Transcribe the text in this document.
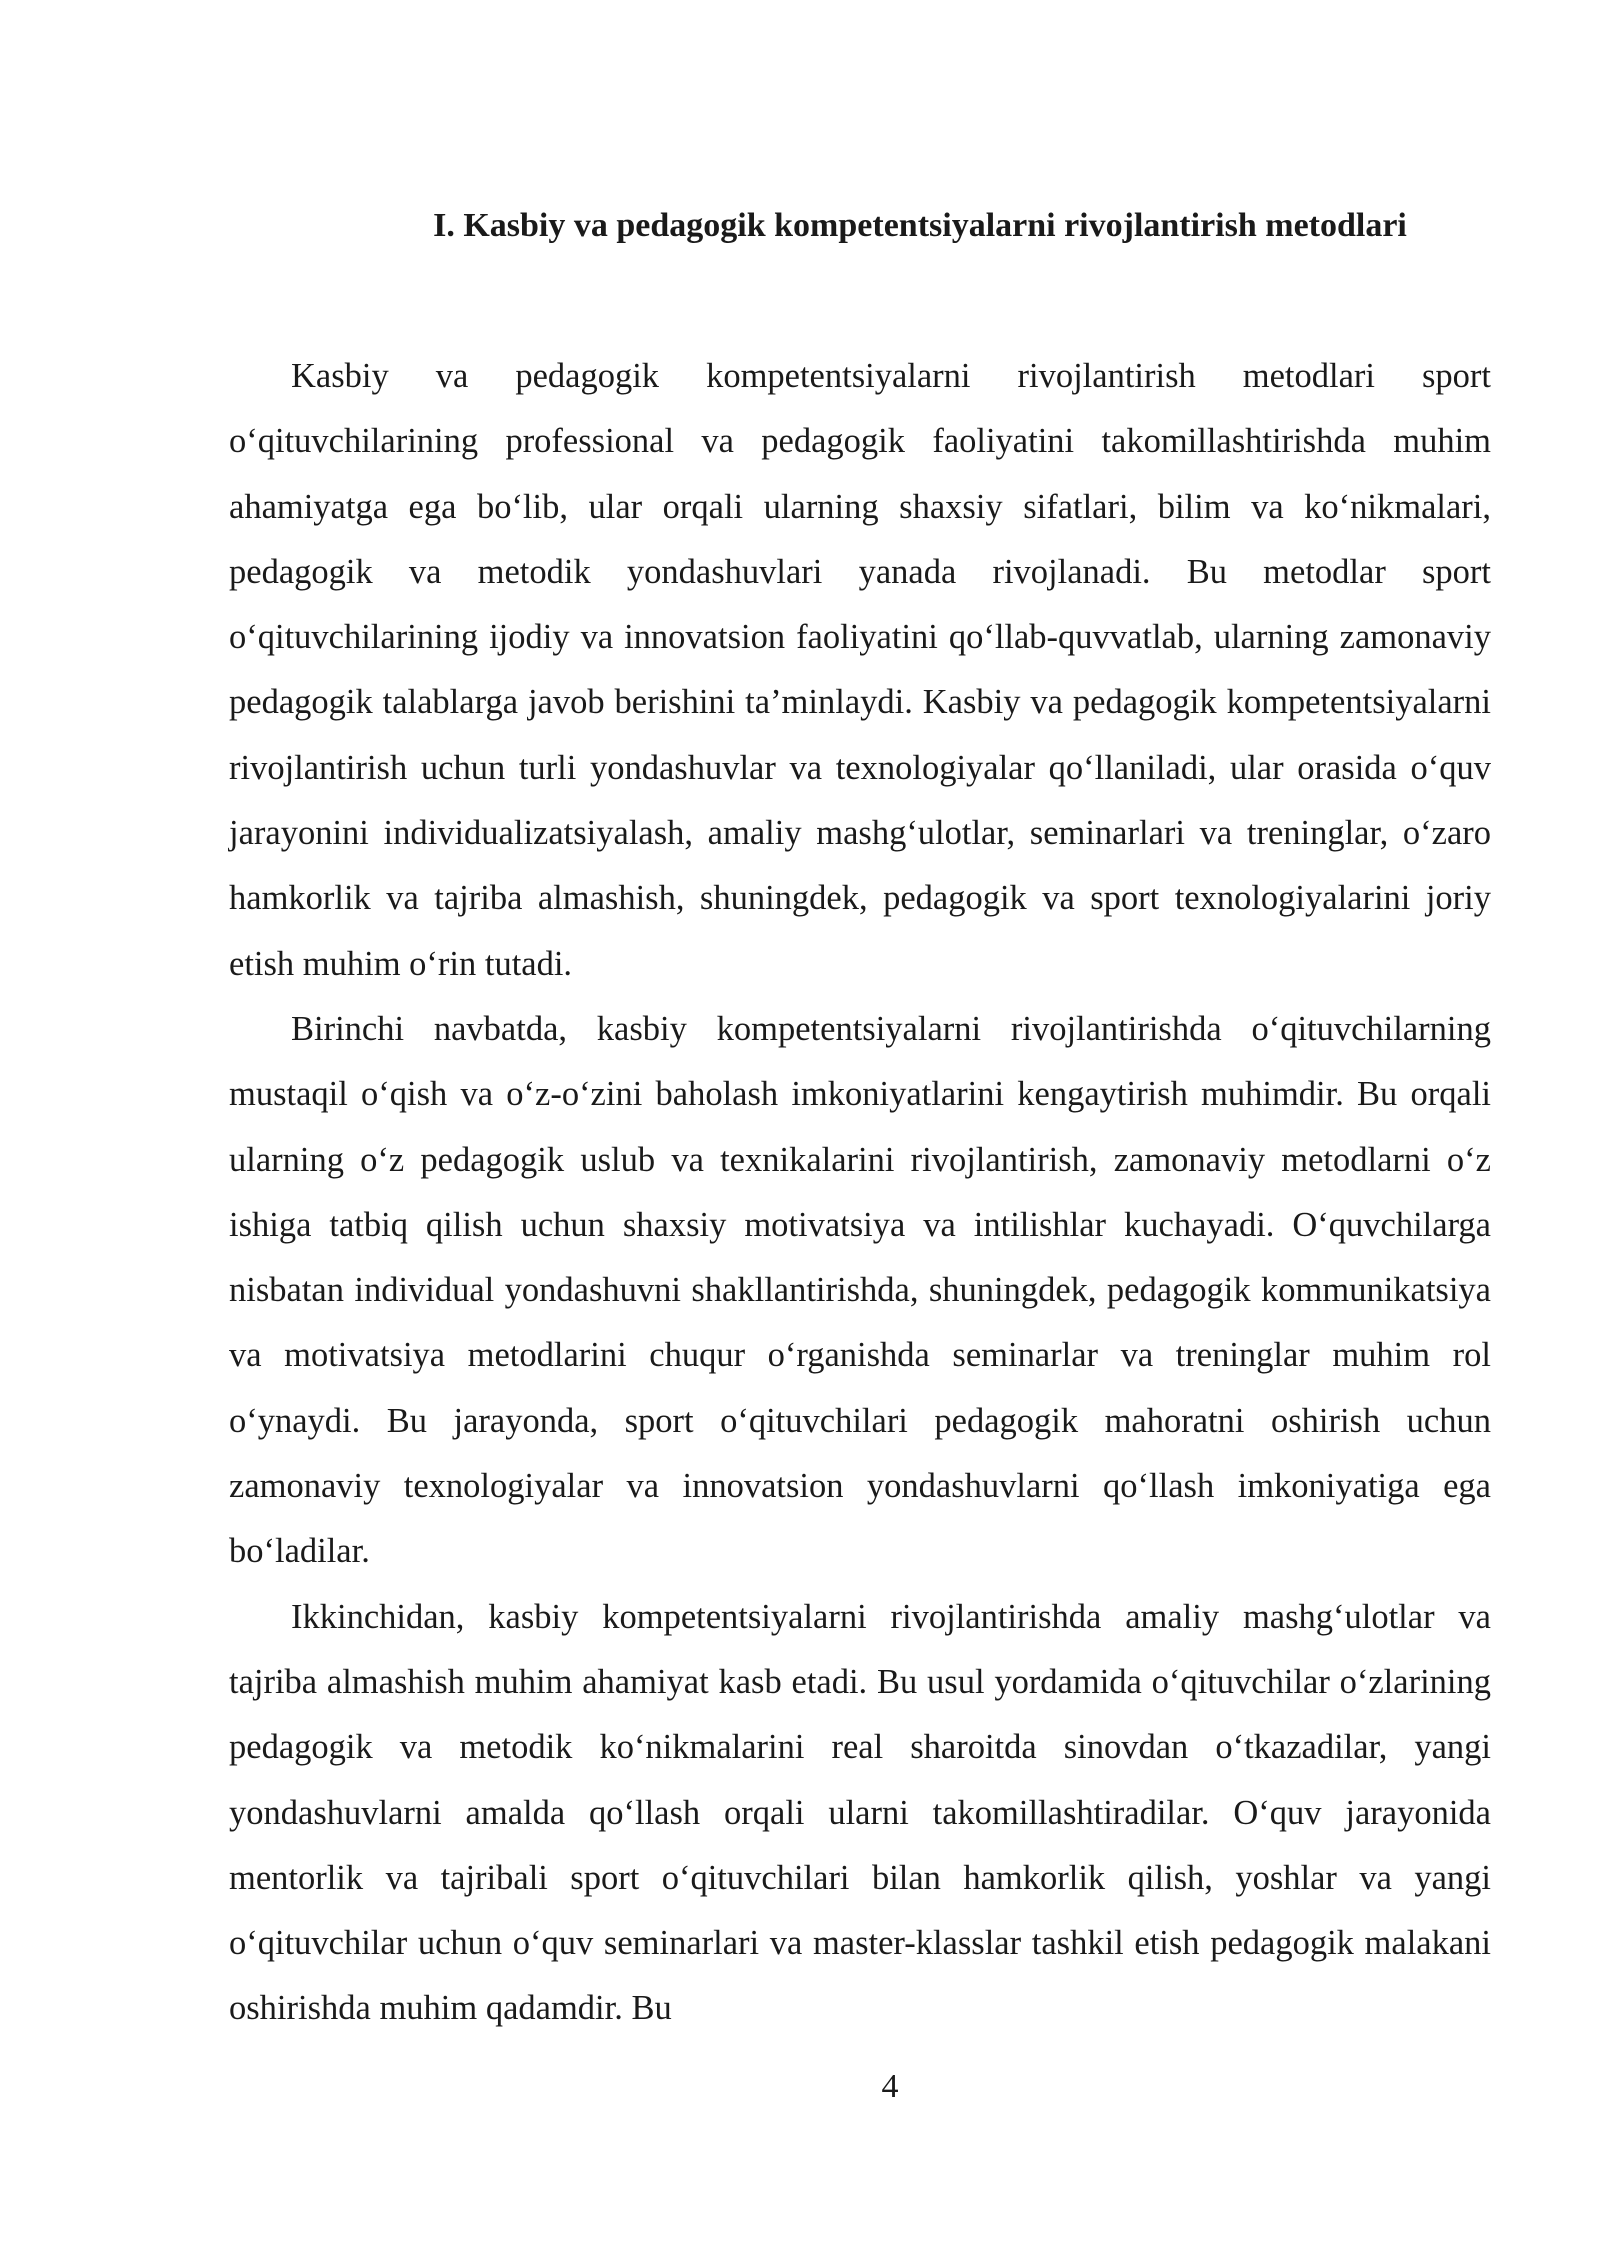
I. Kasbiy va pedagogik kompetentsiyalarni rivojlantirish metodlari

Kasbiy va pedagogik kompetentsiyalarni rivojlantirish metodlari sport o‘qituvchilarining professional va pedagogik faoliyatini takomillashtirishda muhim ahamiyatga ega bo‘lib, ular orqali ularning shaxsiy sifatlari, bilim va ko‘nikmalari, pedagogik va metodik yondashuvlari yanada rivojlanadi. Bu metodlar sport o‘qituvchilarining ijodiy va innovatsion faoliyatini qo‘llab-quvvatlab, ularning zamonaviy pedagogik talablarga javob berishini ta’minlaydi. Kasbiy va pedagogik kompetentsiyalarni rivojlantirish uchun turli yondashuvlar va texnologiyalar qo‘llaniladi, ular orasida o‘quv jarayonini individualizatsiyalash, amaliy mashg‘ulotlar, seminarlari va treninglar, o‘zaro hamkorlik va tajriba almashish, shuningdek, pedagogik va sport texnologiyalarini joriy etish muhim o‘rin tutadi.

Birinchi navbatda, kasbiy kompetentsiyalarni rivojlantirishda o‘qituvchilarning mustaqil o‘qish va o‘z-o‘zini baholash imkoniyatlarini kengaytirish muhimdir. Bu orqali ularning o‘z pedagogik uslub va texnikalarini rivojlantirish, zamonaviy metodlarni o‘z ishiga tatbiq qilish uchun shaxsiy motivatsiya va intilishlar kuchayadi. O‘quvchilarga nisbatan individual yondashuvni shakllantirishda, shuningdek, pedagogik kommunikatsiya va motivatsiya metodlarini chuqur o‘rganishda seminarlar va treninglar muhim rol o‘ynaydi. Bu jarayonda, sport o‘qituvchilari pedagogik mahoratni oshirish uchun zamonaviy texnologiyalar va innovatsion yondashuvlarni qo‘llash imkoniyatiga ega bo‘ladilar.

Ikkinchidan, kasbiy kompetentsiyalarni rivojlantirishda amaliy mashg‘ulotlar va tajriba almashish muhim ahamiyat kasb etadi. Bu usul yordamida o‘qituvchilar o‘zlarining pedagogik va metodik ko‘nikmalarini real sharoitda sinovdan o‘tkazadilar, yangi yondashuvlarni amalda qo‘llash orqali ularni takomillashtiradilar. O‘quv jarayonida mentorlik va tajribali sport o‘qituvchilari bilan hamkorlik qilish, yoshlar va yangi o‘qituvchilar uchun o‘quv seminarlari va master-klasslar tashkil etish pedagogik malakani oshirishda muhim qadamdir. Bu

4
